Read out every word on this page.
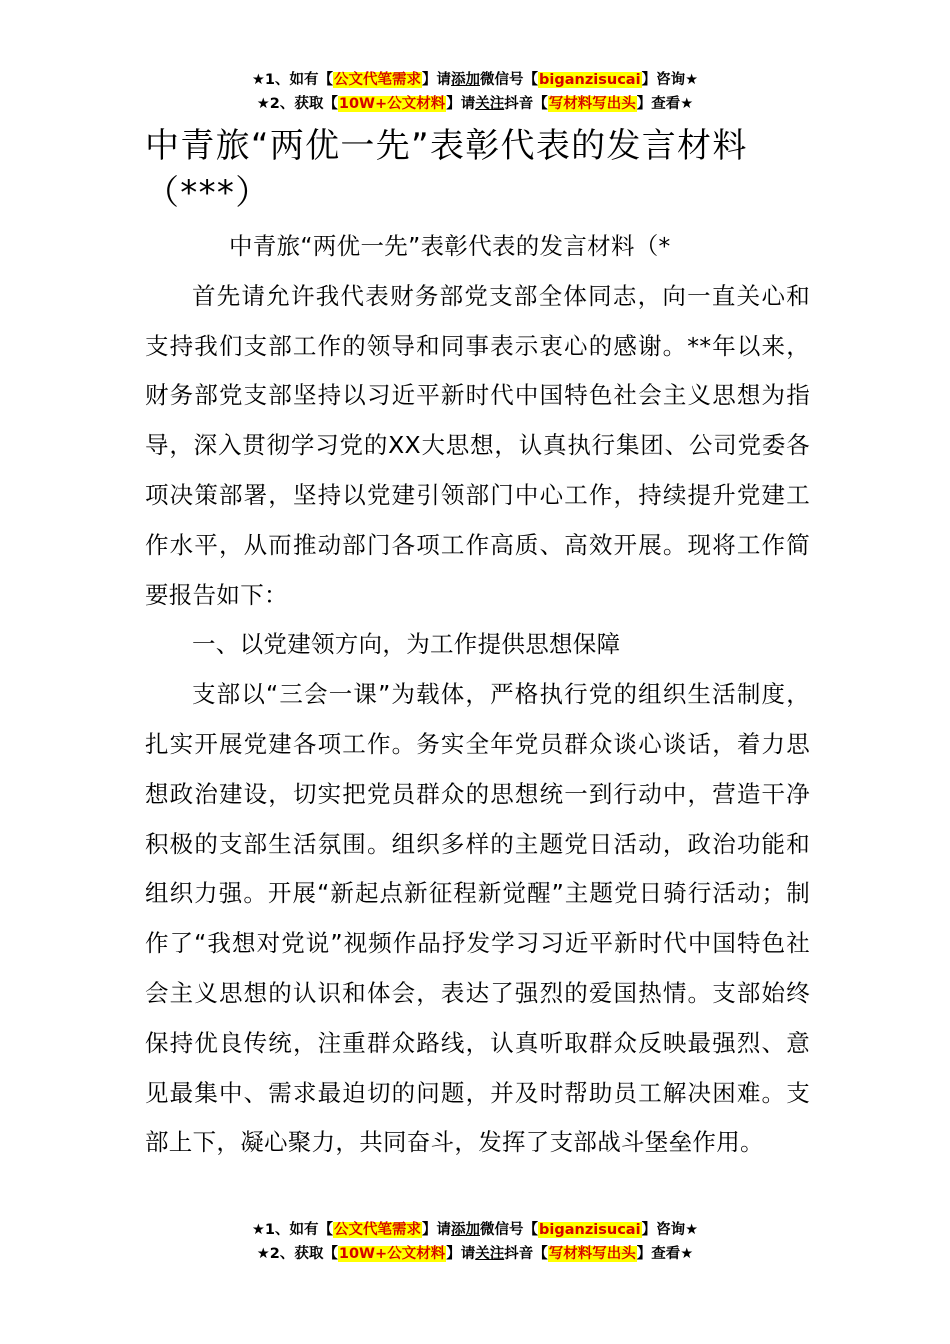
★1、如有【公文代笔需求】请添加微信号【biganzisucai】咨询★
★2、获取【10W+公文材料】请关注抖音【写材料写出头】查看★
中青旅“两优一先”表彰代表的发言材料
（***）

中青旅“两优一先”表彰代表的发言材料（*

首先请允许我代表财务部党支部全体同志，向一直关心和支持我们支部工作的领导和同事表示衷心的感谢。**年以来，财务部党支部坚持以习近平新时代中国特色社会主义思想为指导，深入贯彻学习党的XX大思想，认真执行集团、公司党委各项决策部署，坚持以党建引领部门中心工作，持续提升党建工作水平，从而推动部门各项工作高质、高效开展。现将工作简要报告如下：

一、以党建领方向，为工作提供思想保障

支部以“三会一课”为载体，严格执行党的组织生活制度，扎实开展党建各项工作。务实全年党员群众谈心谈话，着力思想政治建设，切实把党员群众的思想统一到行动中，营造干净积极的支部生活氛围。组织多样的主题党日活动，政治功能和组织力强。开展“新起点新征程新觉醒”主题党日骑行活动；制作了“我想对党说”视频作品抒发学习习近平新时代中国特色社会主义思想的认识和体会，表达了强烈的爱国热情。支部始终保持优良传统，注重群众路线，认真听取群众反映最强烈、意见最集中、需求最迫切的问题，并及时帮助员工解决困难。支部上下，凝心聚力，共同奋斗，发挥了支部战斗堡垒作用。

★1、如有【公文代笔需求】请添加微信号【biganzisucai】咨询★
★2、获取【10W+公文材料】请关注抖音【写材料写出头】查看★
